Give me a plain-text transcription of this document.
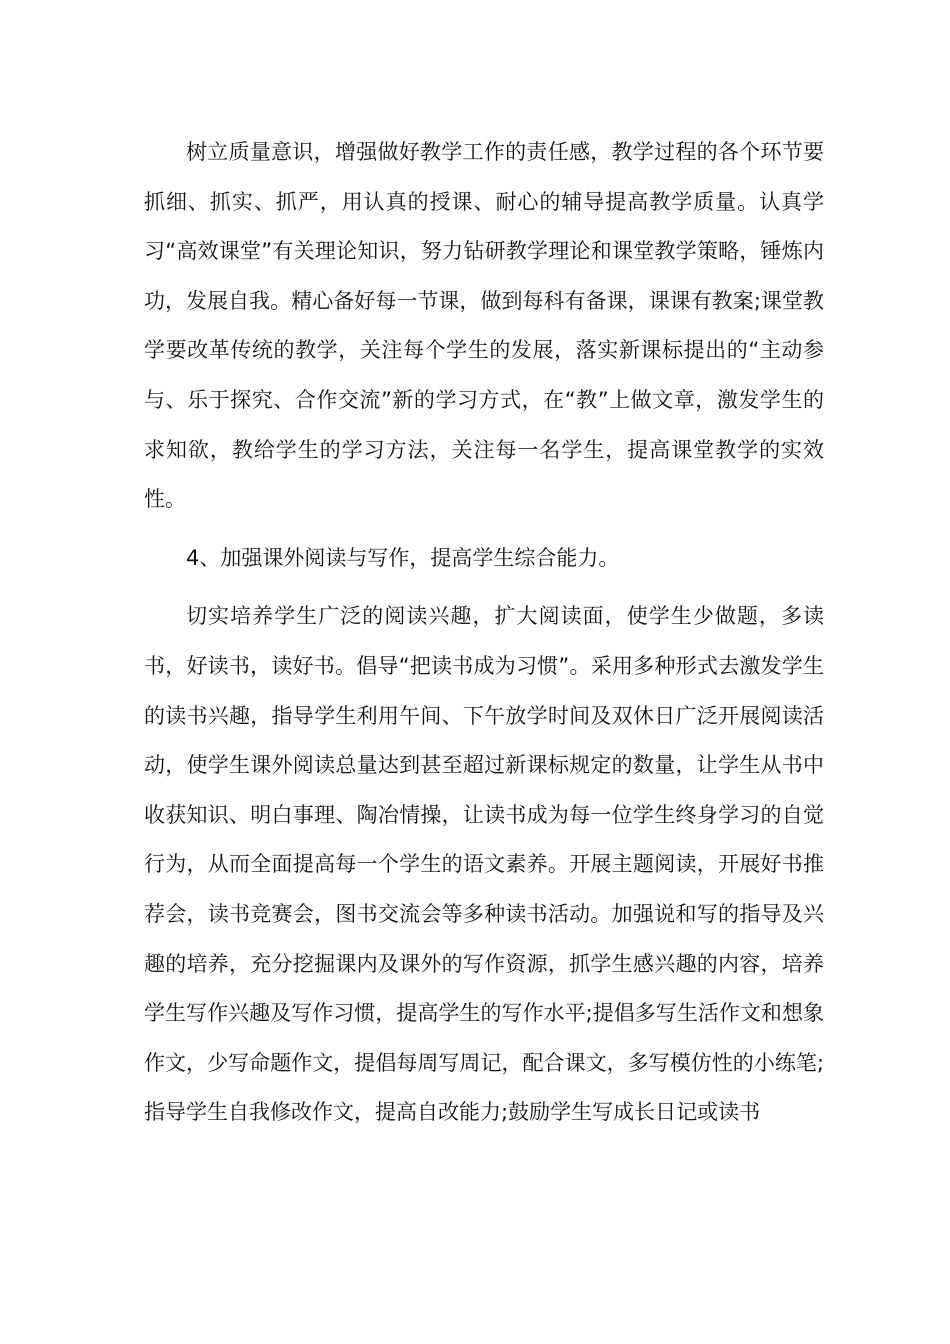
树立质量意识，增强做好教学工作的责任感，教学过程的各个环节要抓细、抓实、抓严，用认真的授课、耐心的辅导提高教学质量。认真学习“高效课堂”有关理论知识，努力钻研教学理论和课堂教学策略，锤炼内功，发展自我。精心备好每一节课，做到每科有备课，课课有教案;课堂教学要改革传统的教学，关注每个学生的发展，落实新课标提出的“主动参与、乐于探究、合作交流”新的学习方式，在“教”上做文章，激发学生的求知欲，教给学生的学习方法，关注每一名学生，提高课堂教学的实效性。

4、加强课外阅读与写作，提高学生综合能力。

切实培养学生广泛的阅读兴趣，扩大阅读面，使学生少做题，多读书，好读书，读好书。倡导“把读书成为习惯”。采用多种形式去激发学生的读书兴趣，指导学生利用午间、下午放学时间及双休日广泛开展阅读活动，使学生课外阅读总量达到甚至超过新课标规定的数量，让学生从书中收获知识、明白事理、陶冶情操，让读书成为每一位学生终身学习的自觉行为，从而全面提高每一个学生的语文素养。开展主题阅读，开展好书推荐会，读书竞赛会，图书交流会等多种读书活动。加强说和写的指导及兴趣的培养，充分挖掘课内及课外的写作资源，抓学生感兴趣的内容，培养学生写作兴趣及写作习惯，提高学生的写作水平;提倡多写生活作文和想象作文，少写命题作文，提倡每周写周记，配合课文，多写模仿性的小练笔;指导学生自我修改作文，提高自改能力;鼓励学生写成长日记或读书
